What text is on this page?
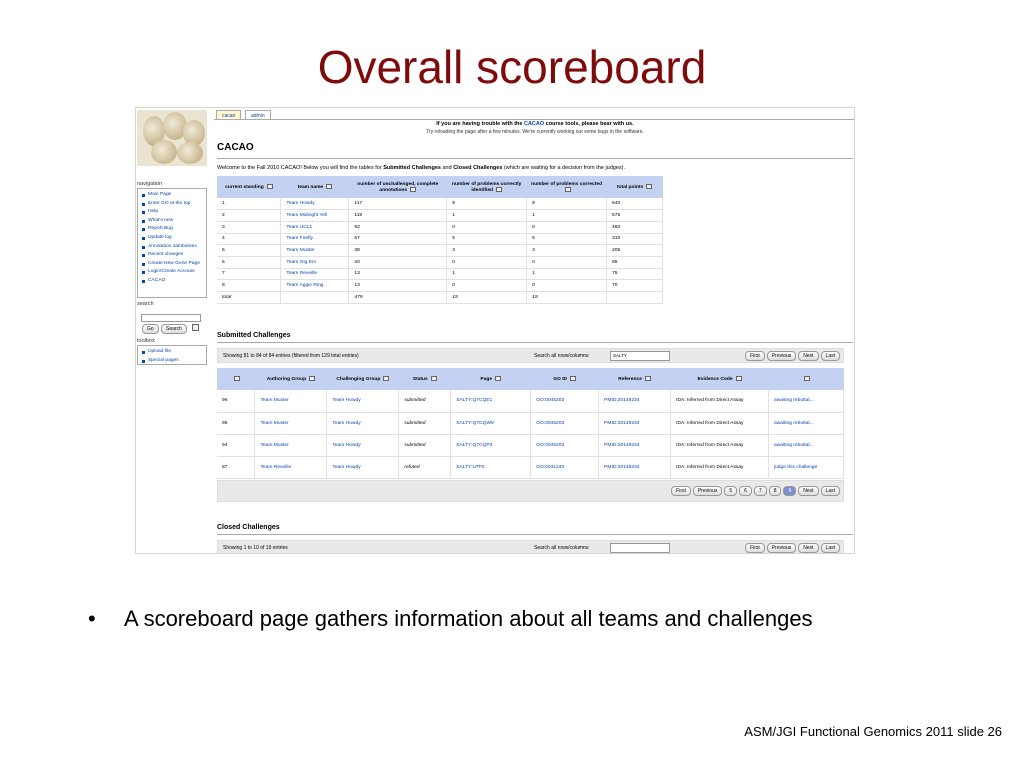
Overall scoreboard
navigation
Main Page
Enter GO at the top
Help
What's new
Report Bug
Update log
Annotation Jamborees
Recent changes
Create New Gene Page
Login/Create Account
CACAO
search
Go	Search
toolbox
Upload file
Special pages
cacao	admin
If you are having trouble with the CACAO course tools, please bear with us.
Try reloading the page after a few minutes. We're currently working out some bugs in the software.
CACAO
Welcome to the Fall 2010 CACAO! Below you will find the tables for Submitted Challenges and Closed Challenges (which are waiting for a decision from the judges).
current standing	team name	number of unchallenged, complete annotations	number of problems correctly identified	number of problems corrected	total points
1	Team Howdy	117	9	9	640
2	Team Midnight Yell	119	1	1	575
3	Team UCL1	92	0	0	460
4	Team Firefly	57	5	5	310
5	Team Muster	38	3	3	205
6	Team Gig Em	20	0	0	85
7	Team Reveille	13	1	1	75
8	Team Aggie Ring	13	0	0	70
total		479	19	19	
Submitted Challenges
Showing 81 to 84 of 84 entries (filtered from 129 total entries)	Search all rows/columns:	SALTY	First Previous Next Last
	Authoring Group	Challenging Group	Status	Page	GO ID	Reference	Evidence Code	
96	Team Muster	Team Howdy	submitted	SALTY:Q7CQE1	GO:0045203	PMID:20149234	IDA: Inferred from Direct Assay	awaiting rebuttal...
95	Team Muster	Team Howdy	submitted	SALTY:Q7CQW9	GO:0045203	PMID:20149234	IDA: Inferred from Direct Assay	awaiting rebuttal...
94	Team Muster	Team Howdy	submitted	SALTY:Q7CQP3	GO:0045203	PMID:20149234	IDA: Inferred from Direct Assay	awaiting rebuttal...
87	Team Reveille	Team Howdy	refuted	SALTY:LPP2	GO:0031240	PMID:20149234	IDA: Inferred from Direct Assay	judge this challenge
First Previous 5 6 7 8 9 Next Last
Closed Challenges
Showing 1 to 10 of 19 entries	Search all rows/columns:	First Previous Next Last
• A scoreboard page gathers information about all teams and challenges
ASM/JGI Functional Genomics 2011 slide 26
